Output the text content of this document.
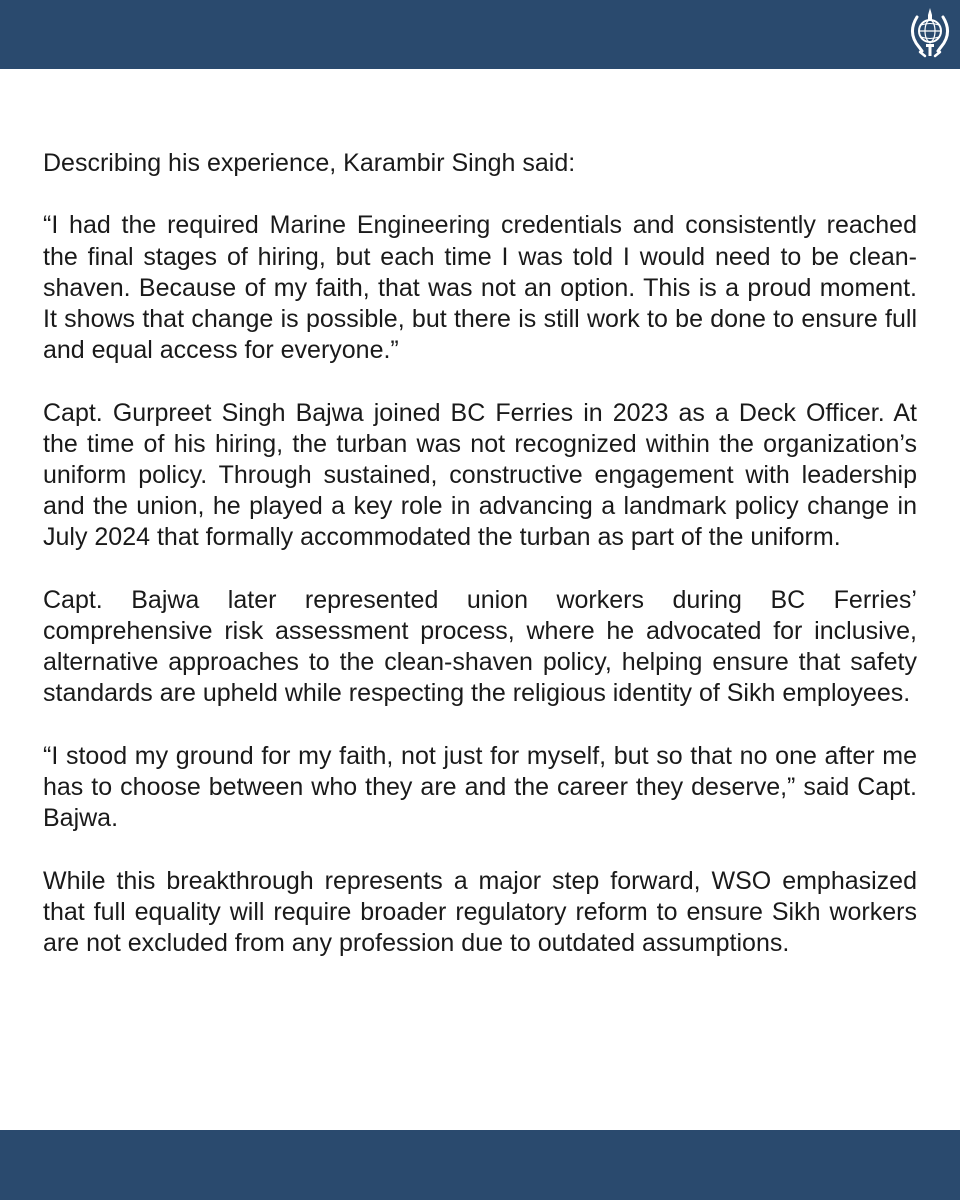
Describing his experience, Karambir Singh said:

“I had the required Marine Engineering credentials and consistently reached the final stages of hiring, but each time I was told I would need to be clean-shaven. Because of my faith, that was not an option. This is a proud moment. It shows that change is possible, but there is still work to be done to ensure full and equal access for everyone.”

Capt. Gurpreet Singh Bajwa joined BC Ferries in 2023 as a Deck Officer. At the time of his hiring, the turban was not recognized within the organization’s uniform policy. Through sustained, constructive engagement with leadership and the union, he played a key role in advancing a landmark policy change in July 2024 that formally accommodated the turban as part of the uniform.

Capt. Bajwa later represented union workers during BC Ferries’ comprehensive risk assessment process, where he advocated for inclusive, alternative approaches to the clean-shaven policy, helping ensure that safety standards are upheld while respecting the religious identity of Sikh employees.

“I stood my ground for my faith, not just for myself, but so that no one after me has to choose between who they are and the career they deserve,” said Capt. Bajwa.

While this breakthrough represents a major step forward, WSO emphasized that full equality will require broader regulatory reform to ensure Sikh workers are not excluded from any profession due to outdated assumptions.
